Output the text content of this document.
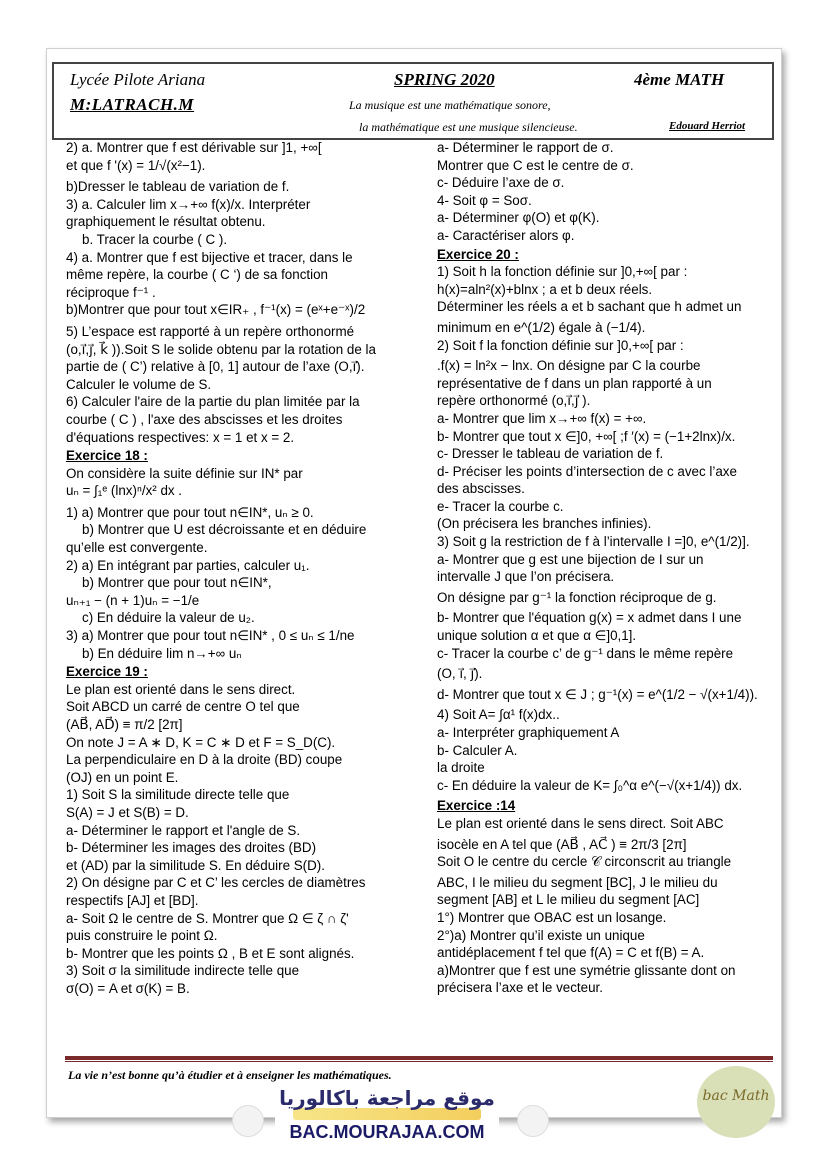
Lycée Pilote Ariana
M:LATRACH.M
SPRING 2020	4ème MATH
La musique est une mathématique sonore,
la mathématique est une musique silencieuse.	Edouard Herriot

2) a. Montrer que f est dérivable sur ]1, +∞[

et que f '(x) = 1/√(x²−1).

b)Dresser le tableau de variation de f.

3) a. Calculer lim x→+∞ f(x)/x. Interpréter

graphiquement le résultat obtenu.

b. Tracer la courbe ( C ).

4) a. Montrer que f est bijective et tracer, dans le

même repère, la courbe ( C ‘) de sa fonction

réciproque f⁻¹ .

b)Montrer que pour tout x∈IR₊ , f⁻¹(x) = (eˣ+e⁻ˣ)/2

5) L’espace est rapporté à un repère orthonormé

(o,i⃗,j⃗, k⃗ )).Soit S le solide obtenu par la rotation de la

partie de ( C’) relative à [0, 1] autour de l’axe (O,i⃗).

Calculer le volume de S.

6) Calculer l'aire de la partie du plan limitée par la

courbe ( C ) , l'axe des abscisses et les droites

d'équations respectives: x = 1 et x = 2.

Exercice 18 :

On considère la suite définie sur IN* par

uₙ = ∫₁ᵉ (lnx)ⁿ/x² dx .

1) a) Montrer que pour tout n∈IN*, uₙ ≥ 0.

b) Montrer que U est décroissante et en déduire

qu’elle est convergente.

2) a) En intégrant par parties, calculer u₁.

b) Montrer que pour tout n∈IN*,

uₙ₊₁ − (n + 1)uₙ = −1/e

c) En déduire la valeur de u₂.

3) a) Montrer que pour tout n∈IN* , 0 ≤ uₙ ≤ 1/ne

b) En déduire lim n→+∞ uₙ

Exercice 19 :

Le plan est orienté dans le sens direct.

Soit ABCD un carré de centre O tel que

(AB⃗, AD⃗) ≡ π/2 [2π]

On note J = A ∗ D, K = C ∗ D et F = S_D(C).

La perpendiculaire en D à la droite (BD) coupe

(OJ) en un point E.

1) Soit S la similitude directe telle que

S(A) = J et S(B) = D.

a- Déterminer le rapport et l'angle de S.

b- Déterminer les images des droites (BD)

et (AD) par la similitude S. En déduire S(D).

2) On désigne par C et C’ les cercles de diamètres

respectifs [AJ] et [BD].

a- Soit Ω le centre de S. Montrer que Ω ∈ ζ ∩ ζ'

puis construire le point Ω.

b- Montrer que les points Ω , B et E sont alignés.

3) Soit σ la similitude indirecte telle que

σ(O) = A et σ(K) = B.

a- Déterminer le rapport de σ.

Montrer que C est le centre de σ.

c- Déduire l’axe de σ.

4- Soit φ = Soσ.

a- Déterminer φ(O) et φ(K).

a- Caractériser alors φ.

Exercice 20 :

1) Soit h la fonction définie sur ]0,+∞[ par :

h(x)=aln²(x)+blnx ; a et b deux réels.

Déterminer les réels a et b sachant que h admet un

minimum en e^(1/2) égale à (−1/4).

2) Soit f la fonction définie sur ]0,+∞[ par :

.f(x) = ln²x − lnx. On désigne par C la courbe

représentative de f dans un plan rapporté à un

repère orthonormé (o,i⃗,j⃗ ).

a- Montrer que lim x→+∞ f(x) = +∞.

b- Montrer que tout x ∈]0, +∞[ ;f ′(x) = (−1+2lnx)/x.

c- Dresser le tableau de variation de f.

d- Préciser les points d’intersection de c avec l’axe

des abscisses.

e- Tracer la courbe c.

(On précisera les branches infinies).

3) Soit g la restriction de f à l’intervalle I =]0, e^(1/2)].

a- Montrer que g est une bijection de I sur un

intervalle J que l’on précisera.

On désigne par g⁻¹ la fonction réciproque de g.

b- Montrer que l'équation g(x) = x admet dans I une

unique solution α et que α ∈]0,1].

c- Tracer la courbe c’ de g⁻¹ dans le même repère

(O, i⃗, j⃗).

d- Montrer que tout x ∈ J ; g⁻¹(x) = e^(1/2 − √(x+1/4)).

4) Soit A= ∫α¹ f(x)dx..

a- Interpréter graphiquement A

b- Calculer A.

la droite

c- En déduire la valeur de K= ∫₀^α e^(−√(x+1/4)) dx.

Exercice :14

Le plan est orienté dans le sens direct. Soit ABC

isocèle en A tel que (AB⃗ , AC⃗ ) ≡ 2π/3 [2π]

Soit O le centre du cercle 𝒞 circonscrit au triangle

ABC, I le milieu du segment [BC], J le milieu du

segment [AB] et L le milieu du segment [AC]

1°) Montrer que OBAC est un losange.

2°)a) Montrer qu’il existe un unique

antidéplacement f tel que f(A) = C et f(B) = A.

a)Montrer que f est une symétrie glissante dont on

précisera l’axe et le vecteur.

La vie n’est bonne qu’à étudier et à enseigner les mathématiques.
موقع مراجعة باكالوريا
BAC.MOURAJAA.COM
bac Math
